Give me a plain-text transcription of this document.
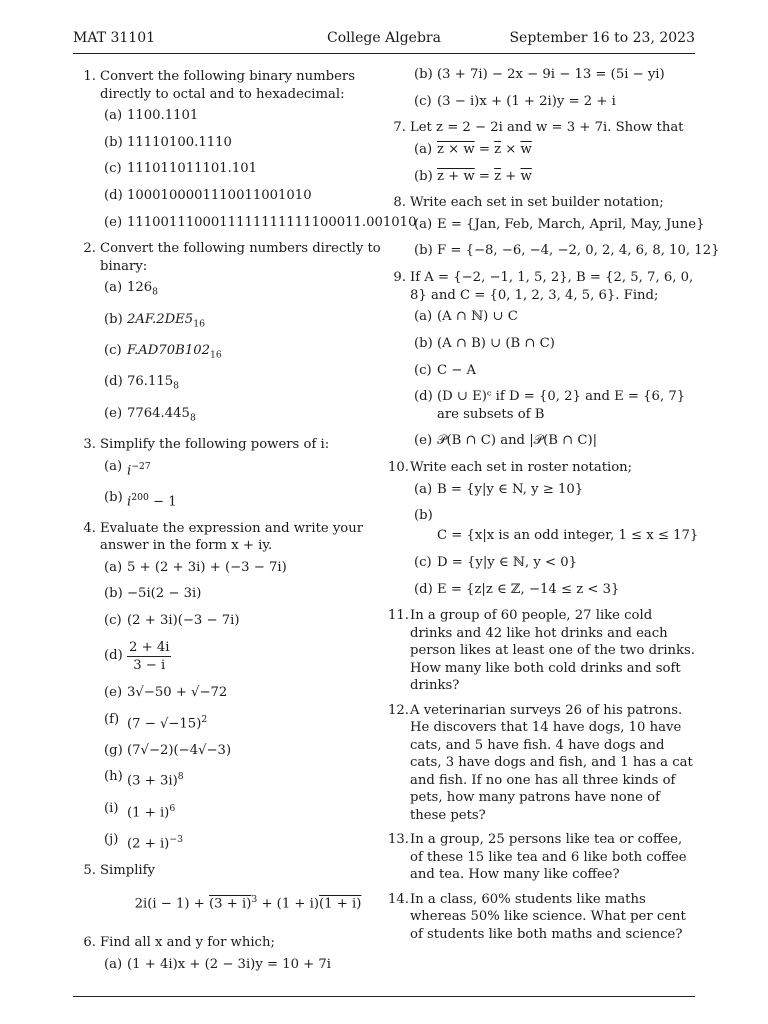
MAT 31101	College Algebra	September 16 to 23, 2023
1. Convert the following binary numbers directly to octal and to hexadecimal:
(a) 1100.1101
(b) 11110100.1110
(c) 111011011101.101
(d) 1000100001110011001010
(e) 1110011100011111111111100011.001010
2. Convert the following numbers directly to binary:
(a) $126_8$
(b) $2AF.2DE5_{16}$
(c) $F.AD70B102_{16}$
(d) $76.115_8$
(e) $7764.445_8$
3. Simplify the following powers of i:
(a) $i^{-27}$
(b) $i^{200} - 1$
4. Evaluate the expression and write your answer in the form x + iy.
(a) 5 + (2 + 3i) + (−3 − 7i)
(b) −5i(2 − 3i)
(c) (2 + 3i)(−3 − 7i)
$(d) \frac{2 + 4i}{3 - i}$
(e) 3√−50 + √−72
(f) $(7 - √-15)^2$
(g) (7√−2)(−4√−3)
(h) $(3 + 3i)^8$
(i) $(1 + i)^6$
(j) $(2 + i)^{-3}$
5. Simplify
$2i(i - 1) + (3 + i)^3 + (1 + i)(1 + i)$
6. Find all x and y for which;
(a) (1 + 4i)x + (2 − 3i)y = 10 + 7i
(b) (3 + 7i) − 2x − 9i − 13 = (5i − yi)
(c) (3 − i)x + (1 + 2i)y = 2 + i
7. Let z = 2 − 2i and w = 3 + 7i. Show that
(a) $z \times w = \overline{z} \times \overline{w}$
(b) $z + w = \overline{z} + \overline{w}$
8. Write each set in set builder notation;
(a) E = {Jan, Feb, March, April, May, June}
(b) F = {−8, −6, −4, −2, 0, 2, 4, 6, 8, 10, 12}
9. If A = {−2, −1, 1, 5, 2}, B = {2, 5, 7, 6, 0, 8} and C = {0, 1, 2, 3, 4, 5, 6}. Find;
(a) (A ∩ ℕ) ∪ C
(b) (A ∩ B) ∪ (B ∩ C)
(c) C − A
(d) (D ∪ E)ᶜ if D = {0, 2} and E = {6, 7} are subsets of B
(e) 𝒫(B ∩ C) and |𝒫(B ∩ C)|
10. Write each set in roster notation;
(a) B = {y|y ∈ N, y ≥ 10}
(b)
C = {x|x is an odd integer, 1 ≤ x ≤ 17}
(c) D = {y|y ∈ ℕ, y < 0}
(d) E = {z|z ∈ ℤ, −14 ≤ z < 3}
11. In a group of 60 people, 27 like cold drinks and 42 like hot drinks and each person likes at least one of the two drinks. How many like both cold drinks and soft drinks?
12. A veterinarian surveys 26 of his patrons. He discovers that 14 have dogs, 10 have cats, and 5 have fish. 4 have dogs and cats, 3 have dogs and fish, and 1 has a cat and fish. If no one has all three kinds of pets, how many patrons have none of these pets?
13. In a group, 25 persons like tea or coffee, of these 15 like tea and 6 like both coffee and tea. How many like coffee?
14. In a class, 60% students like maths whereas 50% like science. What per cent of students like both maths and science?
